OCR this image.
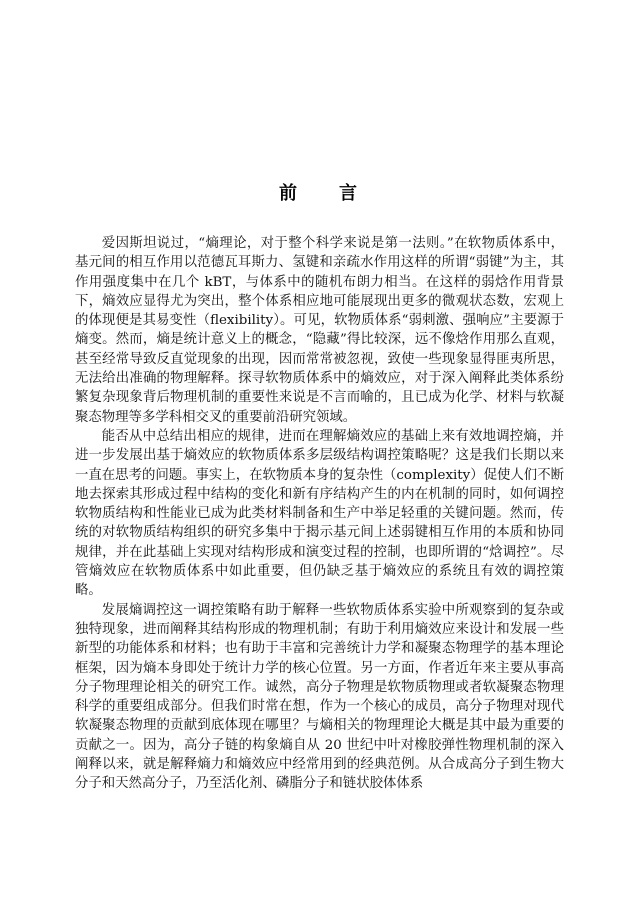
前　　言

爱因斯坦说过，“熵理论，对于整个科学来说是第一法则。”在软物质体系中，基元间的相互作用以范德瓦耳斯力、氢键和亲疏水作用这样的所谓“弱键”为主，其作用强度集中在几个 kBT，与体系中的随机布朗力相当。在这样的弱焓作用背景下，熵效应显得尤为突出，整个体系相应地可能展现出更多的微观状态数，宏观上的体现便是其易变性（flexibility）。可见，软物质体系“弱刺激、强响应”主要源于熵变。然而，熵是统计意义上的概念，“隐藏”得比较深，远不像焓作用那么直观，甚至经常导致反直觉现象的出现，因而常常被忽视，致使一些现象显得匪夷所思，无法给出准确的物理解释。探寻软物质体系中的熵效应，对于深入阐释此类体系纷繁复杂现象背后物理机制的重要性来说是不言而喻的，且已成为化学、材料与软凝聚态物理等多学科相交叉的重要前沿研究领域。

能否从中总结出相应的规律，进而在理解熵效应的基础上来有效地调控熵，并进一步发展出基于熵效应的软物质体系多层级结构调控策略呢？这是我们长期以来一直在思考的问题。事实上，在软物质本身的复杂性（complexity）促使人们不断地去探索其形成过程中结构的变化和新有序结构产生的内在机制的同时，如何调控软物质结构和性能业已成为此类材料制备和生产中举足轻重的关键问题。然而，传统的对软物质结构组织的研究多集中于揭示基元间上述弱键相互作用的本质和协同规律，并在此基础上实现对结构形成和演变过程的控制，也即所谓的“焓调控”。尽管熵效应在软物质体系中如此重要，但仍缺乏基于熵效应的系统且有效的调控策略。

发展熵调控这一调控策略有助于解释一些软物质体系实验中所观察到的复杂或独特现象，进而阐释其结构形成的物理机制；有助于利用熵效应来设计和发展一些新型的功能体系和材料；也有助于丰富和完善统计力学和凝聚态物理学的基本理论框架，因为熵本身即处于统计力学的核心位置。另一方面，作者近年来主要从事高分子物理理论相关的研究工作。诚然，高分子物理是软物质物理或者软凝聚态物理科学的重要组成部分。但我们时常在想，作为一个核心的成员，高分子物理对现代软凝聚态物理的贡献到底体现在哪里？与熵相关的物理理论大概是其中最为重要的贡献之一。因为，高分子链的构象熵自从 20 世纪中叶对橡胶弹性物理机制的深入阐释以来，就是解释熵力和熵效应中经常用到的经典范例。从合成高分子到生物大分子和天然高分子，乃至活化剂、磷脂分子和链状胶体体系
